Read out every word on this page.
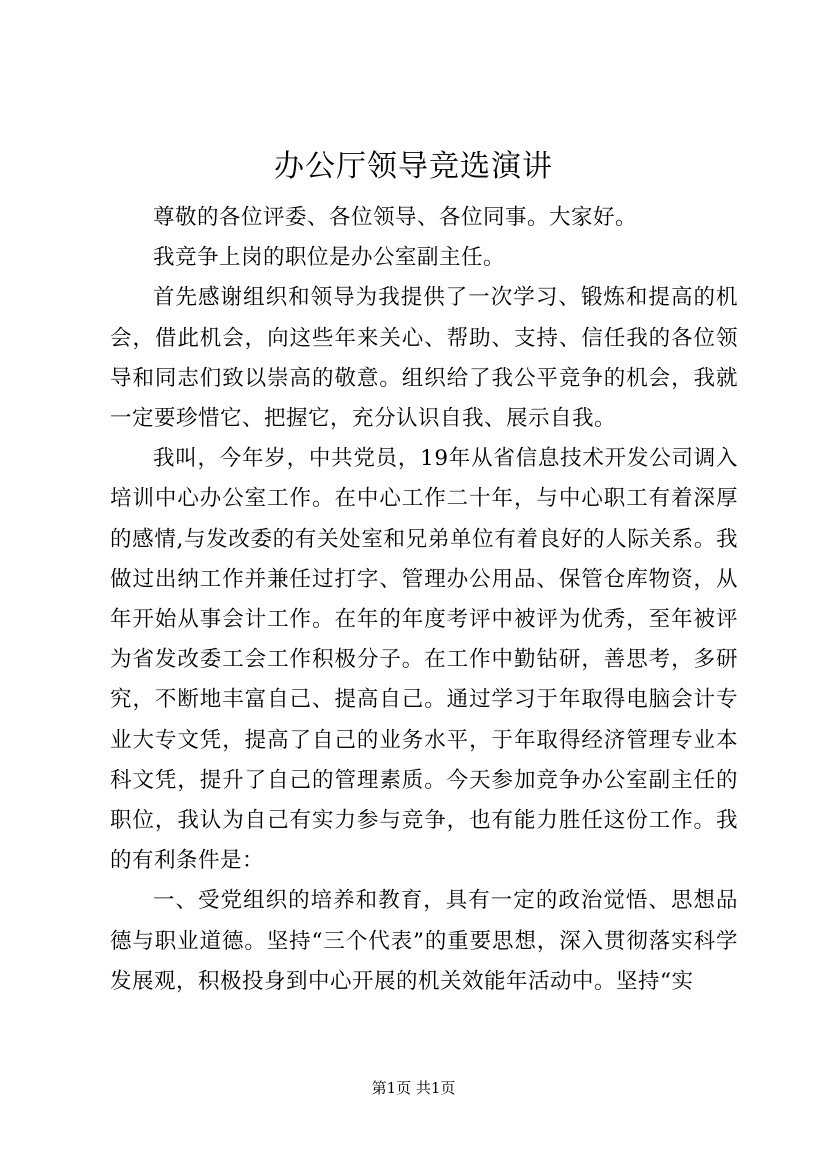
办公厅领导竞选演讲

尊敬的各位评委、各位领导、各位同事。大家好。

我竞争上岗的职位是办公室副主任。

首先感谢组织和领导为我提供了一次学习、锻炼和提高的机会，借此机会，向这些年来关心、帮助、支持、信任我的各位领导和同志们致以崇高的敬意。组织给了我公平竞争的机会，我就一定要珍惜它、把握它，充分认识自我、展示自我。

我叫，今年岁，中共党员，19年从省信息技术开发公司调入培训中心办公室工作。在中心工作二十年，与中心职工有着深厚的感情,与发改委的有关处室和兄弟单位有着良好的人际关系。我做过出纳工作并兼任过打字、管理办公用品、保管仓库物资，从年开始从事会计工作。在年的年度考评中被评为优秀，至年被评为省发改委工会工作积极分子。在工作中勤钻研，善思考，多研究，不断地丰富自己、提高自己。通过学习于年取得电脑会计专业大专文凭，提高了自己的业务水平，于年取得经济管理专业本科文凭，提升了自己的管理素质。今天参加竞争办公室副主任的职位，我认为自己有实力参与竞争，也有能力胜任这份工作。我的有利条件是：

一、受党组织的培养和教育，具有一定的政治觉悟、思想品德与职业道德。坚持“三个代表”的重要思想，深入贯彻落实科学发展观，积极投身到中心开展的机关效能年活动中。坚持“实

第1页 共1页
